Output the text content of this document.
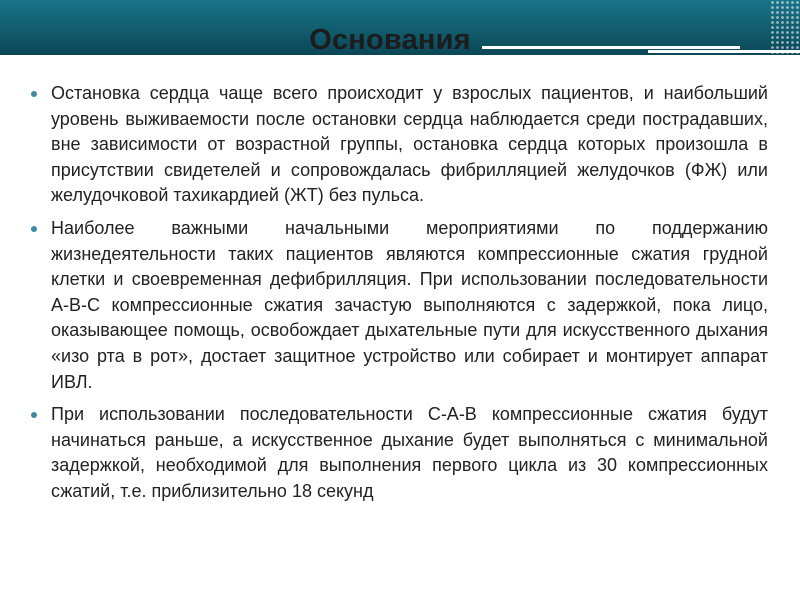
Основания
Остановка сердца чаще всего происходит у взрослых пациентов, и наибольший уровень выживаемости после остановки сердца наблюдается среди пострадавших, вне зависимости от возрастной группы, остановка сердца которых произошла в присутствии свидетелей и сопровождалась фибрилляцией желудочков (ФЖ) или желудочковой тахикардией (ЖТ) без пульса.
Наиболее важными начальными мероприятиями по поддержанию жизнедеятельности таких пациентов являются компрессионные сжатия грудной клетки и своевременная дефибрилляция. При использовании последовательности A-B-C компрессионные сжатия зачастую выполняются с задержкой, пока лицо, оказывающее помощь, освобождает дыхательные пути для искусственного дыхания «изо рта в рот», достает защитное устройство или собирает и монтирует аппарат ИВЛ.
При использовании последовательности C-A-B компрессионные сжатия будут начинаться раньше, а искусственное дыхание будет выполняться с минимальной задержкой, необходимой для выполнения первого цикла из 30 компрессионных сжатий, т.е. приблизительно 18 секунд
